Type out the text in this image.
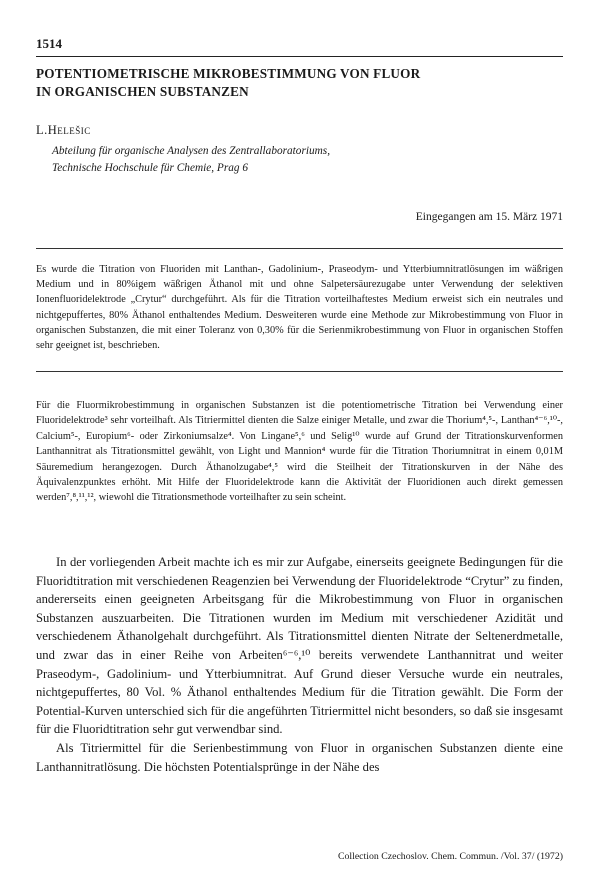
1514
POTENTIOMETRISCHE MIKROBESTIMMUNG VON FLUOR
IN ORGANISCHEN SUBSTANZEN
L.Helešic
Abteilung für organische Analysen des Zentrallaboratoriums,
Technische Hochschule für Chemie, Prag 6
Eingegangen am 15. März 1971

Es wurde die Titration von Fluoriden mit Lanthan-, Gadolinium-, Praseodym- und Ytterbiumnitratlösungen im wäßrigen Medium und in 80%igem wäßrigen Äthanol mit und ohne Salpetersäurezugabe unter Verwendung der selektiven Ionenfluoridelektrode „Crytur“ durchgeführt. Als für die Titration vorteilhaftestes Medium erweist sich ein neutrales und nichtgepuffertes, 80% Äthanol enthaltendes Medium. Desweiteren wurde eine Methode zur Mikrobestimmung von Fluor in organischen Substanzen, die mit einer Toleranz von 0,30% für die Serienmikrobestimmung von Fluor in organischen Stoffen sehr geeignet ist, beschrieben.

Für die Fluormikrobestimmung in organischen Substanzen ist die potentiometrische Titration bei Verwendung einer Fluoridelektrode³ sehr vorteilhaft. Als Titriermittel dienten die Salze einiger Metalle, und zwar die Thorium⁴,⁵-, Lanthan⁴⁻⁶,¹⁰-, Calcium⁵-, Europium⁶- oder Zirkoniumsalze⁴. Von Lingane⁵,⁶ und Selig¹⁰ wurde auf Grund der Titrationskurvenformen Lanthannitrat als Titrationsmittel gewählt, von Light und Mannion⁴ wurde für die Titration Thoriumnitrat in einem 0,01M Säuremedium herangezogen. Durch Äthanolzugabe⁴,⁵ wird die Steilheit der Titrationskurven in der Nähe des Äquivalenzpunktes erhöht. Mit Hilfe der Fluoridelektrode kann die Aktivität der Fluoridionen auch direkt gemessen werden⁷,⁸,¹¹,¹², wiewohl die Titrationsmethode vorteilhafter zu sein scheint.

In der vorliegenden Arbeit machte ich es mir zur Aufgabe, einerseits geeignete Bedingungen für die Fluoridtitration mit verschiedenen Reagenzien bei Verwendung der Fluoridelektrode “Crytur” zu finden, andererseits einen geeigneten Arbeitsgang für die Mikrobestimmung von Fluor in organischen Substanzen auszuarbeiten. Die Titrationen wurden im Medium mit verschiedener Azidität und verschiedenem Äthanolgehalt durchgeführt. Als Titrationsmittel dienten Nitrate der Seltenerdmetalle, und zwar das in einer Reihe von Arbeiten⁶⁻⁶,¹⁰ bereits verwendete Lanthannitrat und weiter Praseodym-, Gadolinium- und Ytterbiumnitrat. Auf Grund dieser Versuche wurde ein neutrales, nichtgepuffertes, 80 Vol. % Äthanol enthaltendes Medium für die Titration gewählt. Die Form der Potential-Kurven unterschied sich für die angeführten Titriermittel nicht besonders, so daß sie insgesamt für die Fluoridtitration sehr gut verwendbar sind.

Als Titriermittel für die Serienbestimmung von Fluor in organischen Substanzen diente eine Lanthannitratlösung. Die höchsten Potentialsprünge in der Nähe des

Collection Czechoslov. Chem. Commun. /Vol. 37/ (1972)
